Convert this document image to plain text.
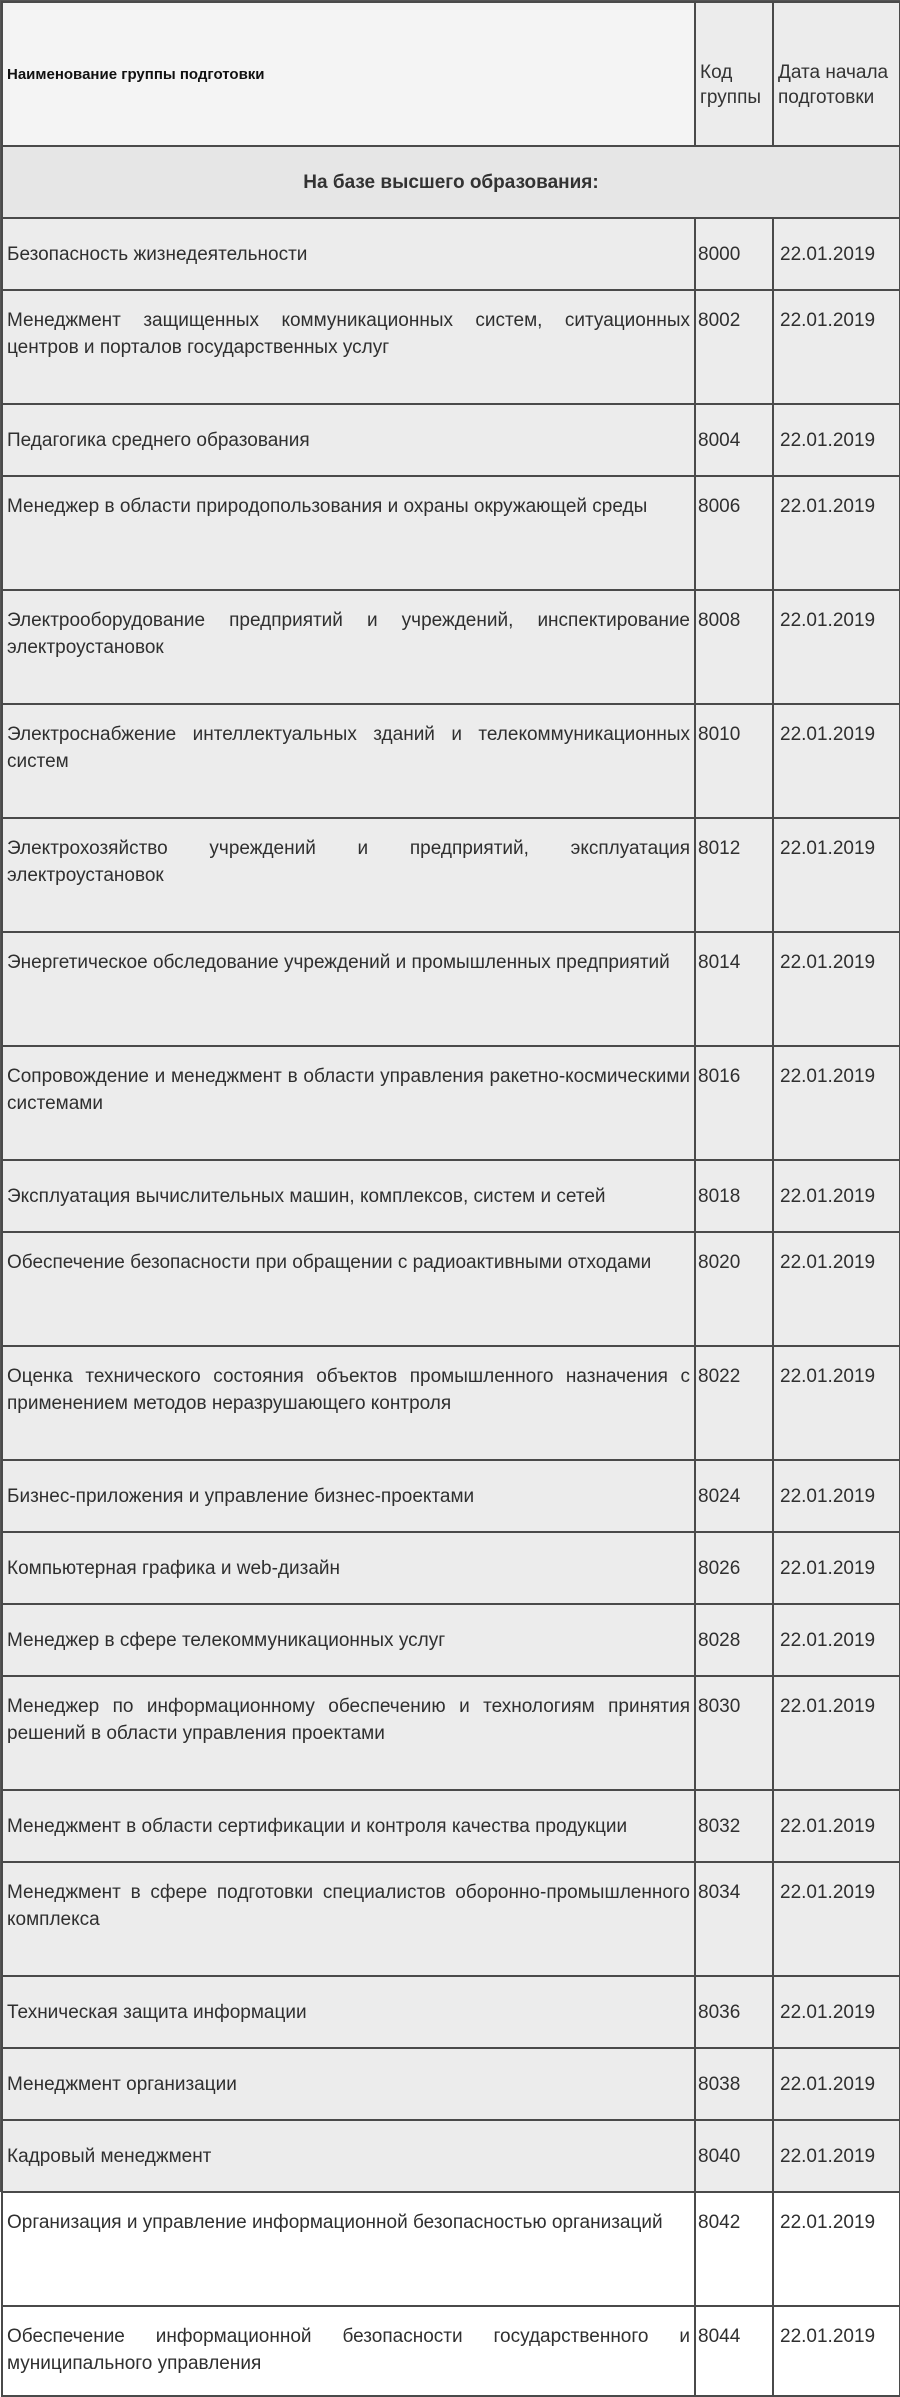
Наименование группы подготовки	Код группы	Дата начала подготовки
На базе высшего образования:		
Безопасность жизнедеятельности	8000	22.01.2019
Менеджмент защищенных коммуникационных систем, ситуационных центров и порталов государственных услуг	8002	22.01.2019
Педагогика среднего образования	8004	22.01.2019
Менеджер в области природопользования и охраны окружающей среды	8006	22.01.2019
Электрооборудование предприятий и учреждений, инспектирование электроустановок	8008	22.01.2019
Электроснабжение интеллектуальных зданий и телекоммуникационных систем	8010	22.01.2019
Электрохозяйство учреждений и предприятий, эксплуатация электроустановок	8012	22.01.2019
Энергетическое обследование учреждений и промышленных предприятий	8014	22.01.2019
Сопровождение и менеджмент в области управления ракетно-космическими системами	8016	22.01.2019
Эксплуатация вычислительных машин, комплексов, систем и сетей	8018	22.01.2019
Обеспечение безопасности при обращении с радиоактивными отходами	8020	22.01.2019
Оценка технического состояния объектов промышленного назначения с применением методов неразрушающего контроля	8022	22.01.2019
Бизнес-приложения и управление бизнес-проектами	8024	22.01.2019
Компьютерная графика и web-дизайн	8026	22.01.2019
Менеджер в сфере телекоммуникационных услуг	8028	22.01.2019
Менеджер по информационному обеспечению и технологиям принятия решений в области управления проектами	8030	22.01.2019
Менеджмент в области сертификации и контроля качества продукции	8032	22.01.2019
Менеджмент в сфере подготовки специалистов оборонно-промышленного комплекса	8034	22.01.2019
Техническая защита информации	8036	22.01.2019
Менеджмент организации	8038	22.01.2019
Кадровый менеджмент	8040	22.01.2019
Организация и управление информационной безопасностью организаций	8042	22.01.2019
Обеспечение информационной безопасности государственного и муниципального управления	8044	22.01.2019
